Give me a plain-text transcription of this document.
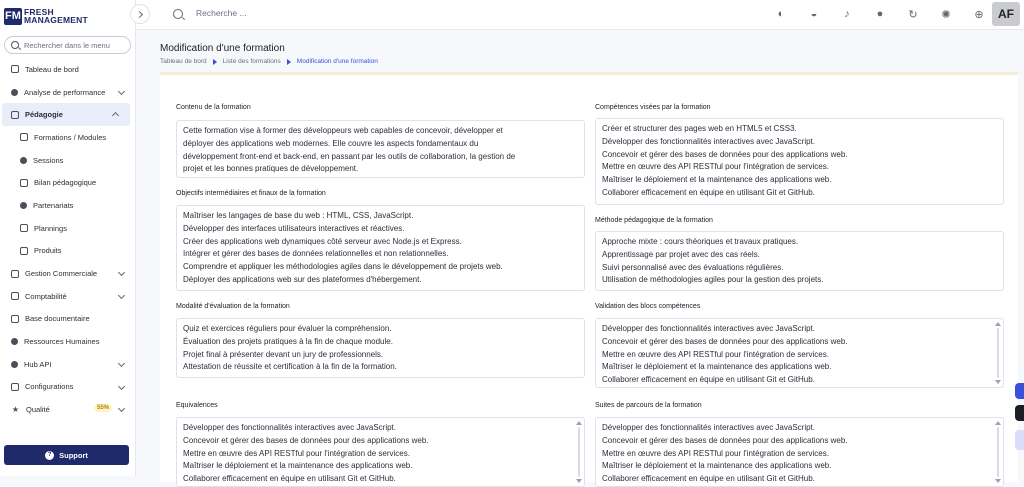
FM FRESH
MANAGEMENT
Rechercher dans le menu
Tableau de bord
Analyse de performance
Pédagogie
Formations / Modules
Sessions
Bilan pédagogique
Partenariats
Plannings
Produits
Gestion Commerciale
Comptabilité
Base documentaire
Ressources Humaines
Hub API
Configurations
★ Qualité	55%
?	Support
Recherche ...	◐	◒	♪	●	↻ ✺ ⊕	AF
Modification d'une formation
Tableau de bord Liste des formations Modification d'une formation
Contenu de la formation
Cette formation vise à former des développeurs web capables de concevoir, développer et
déployer des applications web modernes. Elle couvre les aspects fondamentaux du
développement front-end et back-end, en passant par les outils de collaboration, la gestion de
projet et les bonnes pratiques de développement.
Objectifs intermédiaires et finaux de la formation
Maîtriser les langages de base du web : HTML, CSS, JavaScript.
Développer des interfaces utilisateurs interactives et réactives.
Créer des applications web dynamiques côté serveur avec Node.js et Express.
Intégrer et gérer des bases de données relationnelles et non relationnelles.
Comprendre et appliquer les méthodologies agiles dans le développement de projets web.
Déployer des applications web sur des plateformes d'hébergement.
Modalité d'évaluation de la formation
Quiz et exercices réguliers pour évaluer la compréhension.
Évaluation des projets pratiques à la fin de chaque module.
Projet final à présenter devant un jury de professionnels.
Attestation de réussite et certification à la fin de la formation.
Equivalences
Développer des fonctionnalités interactives avec JavaScript.
Concevoir et gérer des bases de données pour des applications web.
Mettre en œuvre des API RESTful pour l'intégration de services.
Maîtriser le déploiement et la maintenance des applications web.
Collaborer efficacement en équipe en utilisant Git et GitHub.
Compétences visées par la formation
Créer et structurer des pages web en HTML5 et CSS3.
Développer des fonctionnalités interactives avec JavaScript.
Concevoir et gérer des bases de données pour des applications web.
Mettre en œuvre des API RESTful pour l'intégration de services.
Maîtriser le déploiement et la maintenance des applications web.
Collaborer efficacement en équipe en utilisant Git et GitHub.
Méthode pédagogique de la formation
Approche mixte : cours théoriques et travaux pratiques.
Apprentissage par projet avec des cas réels.
Suivi personnalisé avec des évaluations régulières.
Utilisation de méthodologies agiles pour la gestion des projets.
Validation des blocs compétences
Développer des fonctionnalités interactives avec JavaScript.
Concevoir et gérer des bases de données pour des applications web.
Mettre en œuvre des API RESTful pour l'intégration de services.
Maîtriser le déploiement et la maintenance des applications web.
Collaborer efficacement en équipe en utilisant Git et GitHub.
Suites de parcours de la formation
Développer des fonctionnalités interactives avec JavaScript.
Concevoir et gérer des bases de données pour des applications web.
Mettre en œuvre des API RESTful pour l'intégration de services.
Maîtriser le déploiement et la maintenance des applications web.
Collaborer efficacement en équipe en utilisant Git et GitHub.
